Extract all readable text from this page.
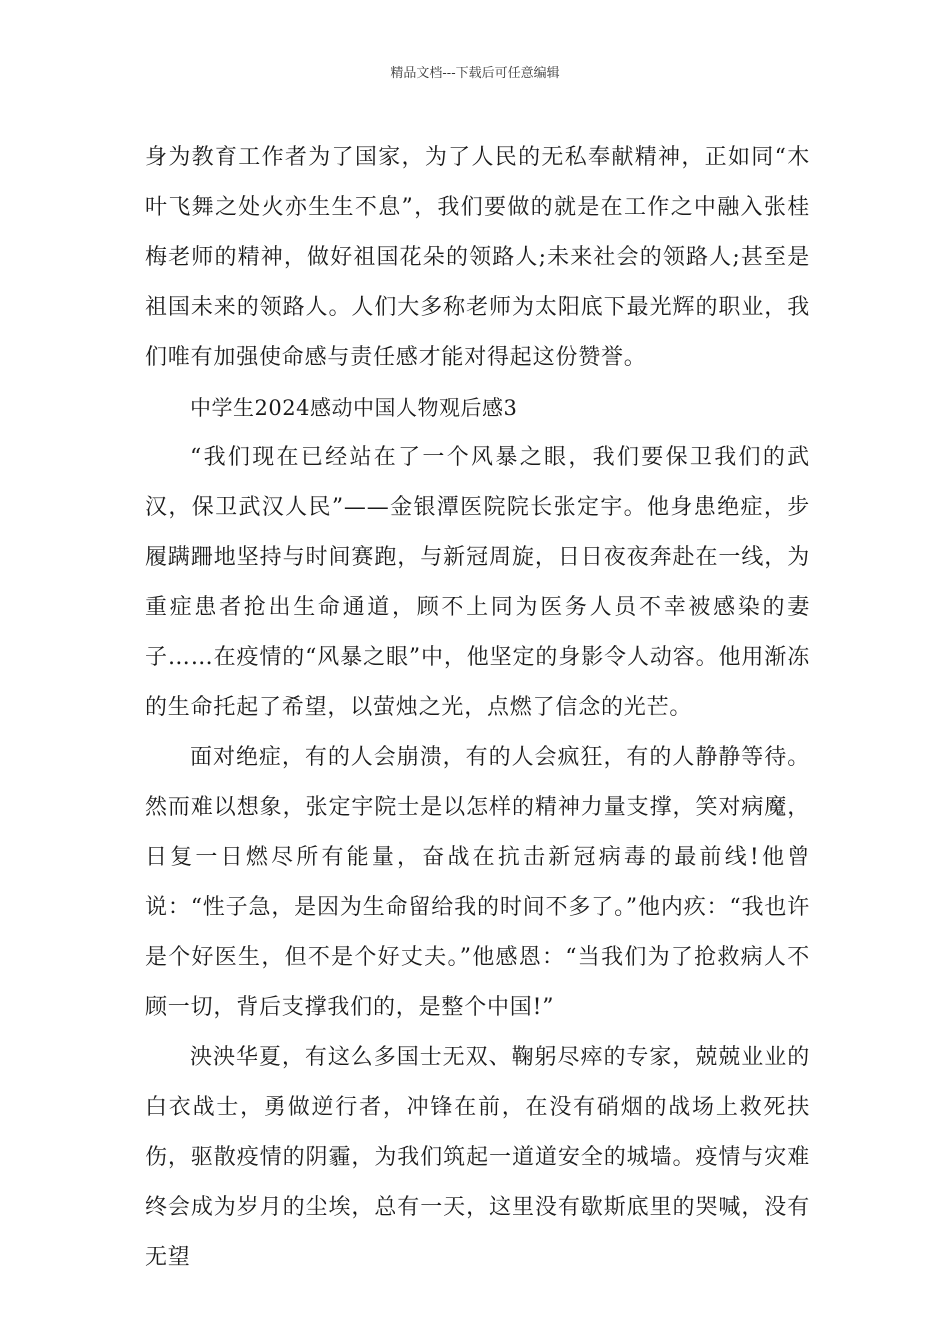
精品文档---下载后可任意编辑

身为教育工作者为了国家，为了人民的无私奉献精神，正如同“木叶飞舞之处火亦生生不息”，我们要做的就是在工作之中融入张桂梅老师的精神，做好祖国花朵的领路人;未来社会的领路人;甚至是祖国未来的领路人。人们大多称老师为太阳底下最光辉的职业，我们唯有加强使命感与责任感才能对得起这份赞誉。

中学生2024感动中国人物观后感3

“我们现在已经站在了一个风暴之眼，我们要保卫我们的武汉，保卫武汉人民”——金银潭医院院长张定宇。他身患绝症，步履蹒跚地坚持与时间赛跑，与新冠周旋，日日夜夜奔赴在一线，为重症患者抢出生命通道，顾不上同为医务人员不幸被感染的妻子……在疫情的“风暴之眼”中，他坚定的身影令人动容。他用渐冻的生命托起了希望，以萤烛之光，点燃了信念的光芒。

面对绝症，有的人会崩溃，有的人会疯狂，有的人静静等待。然而难以想象，张定宇院士是以怎样的精神力量支撑，笑对病魔，日复一日燃尽所有能量，奋战在抗击新冠病毒的最前线!他曾说：“性子急，是因为生命留给我的时间不多了。”他内疚：“我也许是个好医生，但不是个好丈夫。”他感恩：“当我们为了抢救病人不顾一切，背后支撑我们的，是整个中国!”

泱泱华夏，有这么多国士无双、鞠躬尽瘁的专家，兢兢业业的白衣战士，勇做逆行者，冲锋在前，在没有硝烟的战场上救死扶伤，驱散疫情的阴霾，为我们筑起一道道安全的城墙。疫情与灾难终会成为岁月的尘埃，总有一天，这里没有歇斯底里的哭喊，没有无望
